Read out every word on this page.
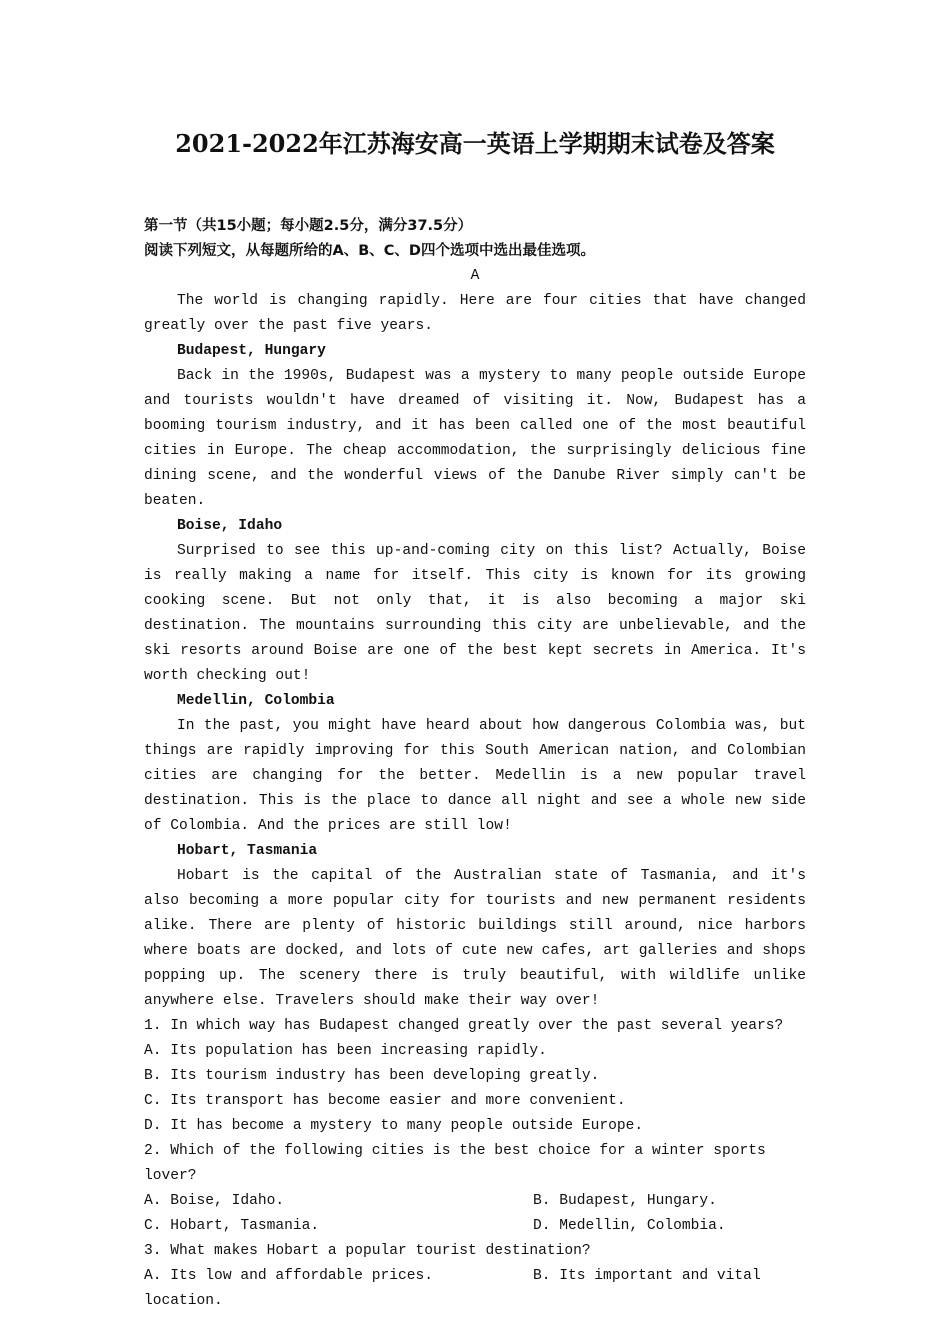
2021-2022年江苏海安高一英语上学期期末试卷及答案

第一节（共15小题；每小题2.5分，满分37.5分）

阅读下列短文，从每题所给的A、B、C、D四个选项中选出最佳选项。

A

The world is changing rapidly. Here are four cities that have changed greatly over the past five years.

Budapest, Hungary

Back in the 1990s, Budapest was a mystery to many people outside Europe and tourists wouldn't have dreamed of visiting it. Now, Budapest has a booming tourism industry, and it has been called one of the most beautiful cities in Europe. The cheap accommodation, the surprisingly delicious fine dining scene, and the wonderful views of the Danube River simply can't be beaten.

Boise, Idaho

Surprised to see this up-and-coming city on this list? Actually, Boise is really making a name for itself. This city is known for its growing cooking scene. But not only that, it is also becoming a major ski destination. The mountains surrounding this city are unbelievable, and the ski resorts around Boise are one of the best kept secrets in America. It's worth checking out!

Medellin, Colombia

In the past, you might have heard about how dangerous Colombia was, but things are rapidly improving for this South American nation, and Colombian cities are changing for the better. Medellin is a new popular travel destination. This is the place to dance all night and see a whole new side of Colombia. And the prices are still low!

Hobart, Tasmania

Hobart is the capital of the Australian state of Tasmania, and it's also becoming a more popular city for tourists and new permanent residents alike. There are plenty of historic buildings still around, nice harbors where boats are docked, and lots of cute new cafes, art galleries and shops popping up. The scenery there is truly beautiful, with wildlife unlike anywhere else. Travelers should make their way over!

1. In which way has Budapest changed greatly over the past several years?

A. Its population has been increasing rapidly.

B. Its tourism industry has been developing greatly.

C. Its transport has become easier and more convenient.

D. It has become a mystery to many people outside Europe.

2. Which of the following cities is the best choice for a winter sports lover?

A. Boise, Idaho.	B. Budapest, Hungary.
C. Hobart, Tasmania.	D. Medellin, Colombia.

3. What makes Hobart a popular tourist destination?

A. Its low and affordable prices.	B. Its important and vital

location.
